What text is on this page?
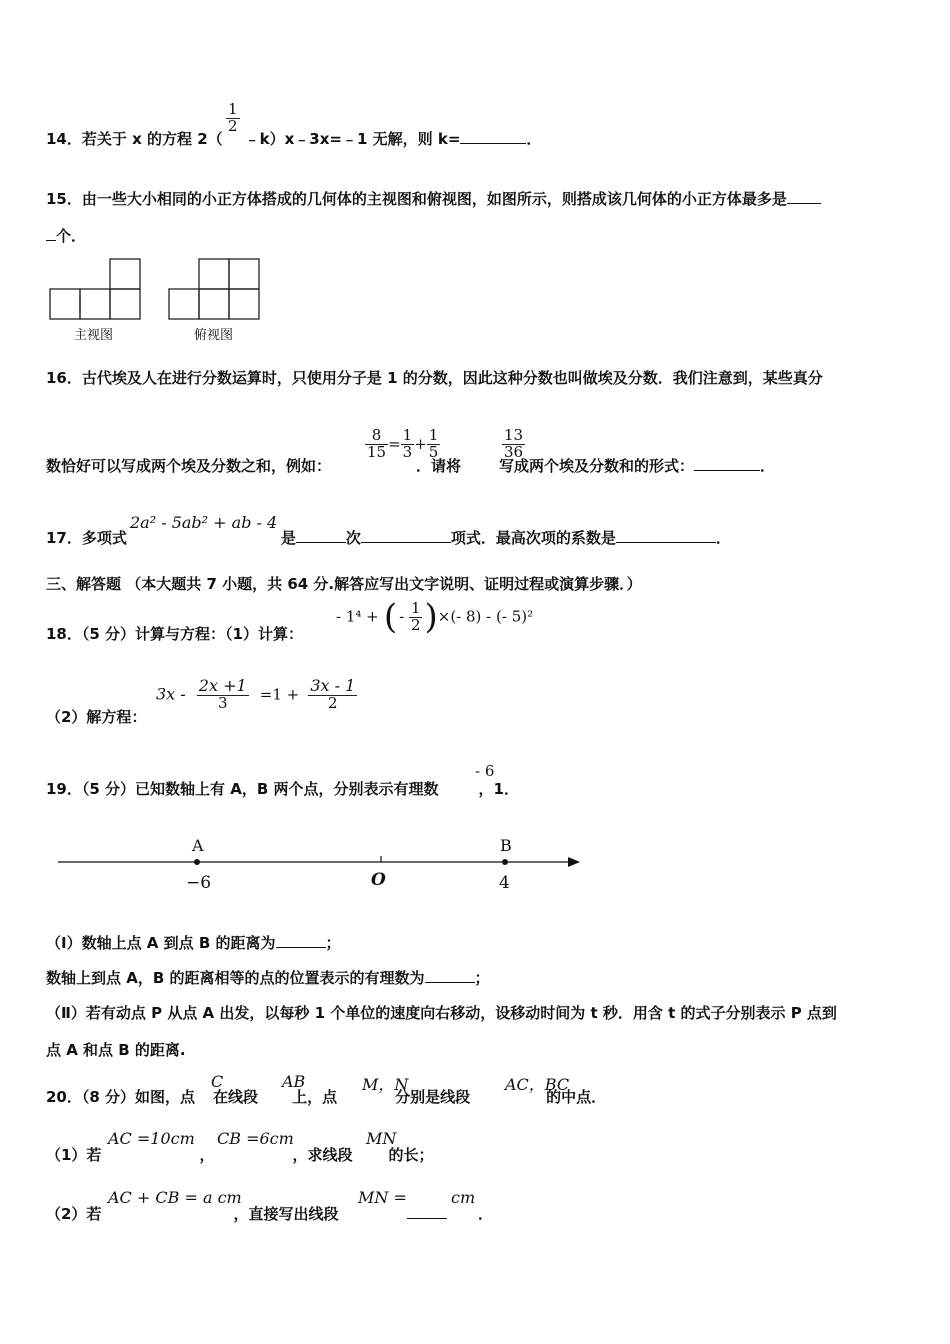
$\frac{1}{2}$
14．若关于 x 的方程 2（ ﹣k）x﹣3x=﹣1 无解，则 k=	．
15．由一些大小相同的小正方体搭成的几何体的主视图和俯视图，如图所示，则搭成该几何体的小正方体最多是
个．
主视图	俯视图
16．古代埃及人在进行分数运算时，只使用分子是 1 的分数，因此这种分数也叫做埃及分数．我们注意到，某些真分
$\frac{8}{15} = \frac{1}{3} + \frac{1}{5}$	$\frac{13}{36}$
数恰好可以写成两个埃及分数之和，例如：	．请将	写成两个埃及分数和的形式：	．
2a² - 5ab² + ab - 4
17．多项式	是	次	项式．最高次项的系数是	．
三、解答题 （本大题共 7 小题，共 64 分.解答应写出文字说明、证明过程或演算步骤．）
18．（5 分）计算与方程：（1）计算：
- 1⁴ + ( - $\frac{1}{2}$ )×(- 8) - (- 5)²
$3x - \frac{2x +1}{3} =1 + \frac{3x - 1}{2}$
（2）解方程：
19．（5 分）已知数轴上有 A，B 两个点，分别表示有理数	，1．
- 6
A
−6	O
B
4
（Ⅰ）数轴上点 A 到点 B 的距离为	；
数轴上到点 A，B 的距离相等的点的位置表示的有理数为	；
（Ⅱ）若有动点 P 从点 A 出发，以每秒 1 个单位的速度向右移动，设移动时间为 t 秒．用含 t 的式子分别表示 P 点到
点 A 和点 B 的距离.
C	AB	M，N	AC，BC
20．（8 分）如图，点 在线段 上，点	分别是线段	的中点．
AC =10cm CB =6cm	MN
（1）若	，	，求线段 的长；
AC + CB = a cm	MN =	cm
（2）若	，直接写出线段	．
